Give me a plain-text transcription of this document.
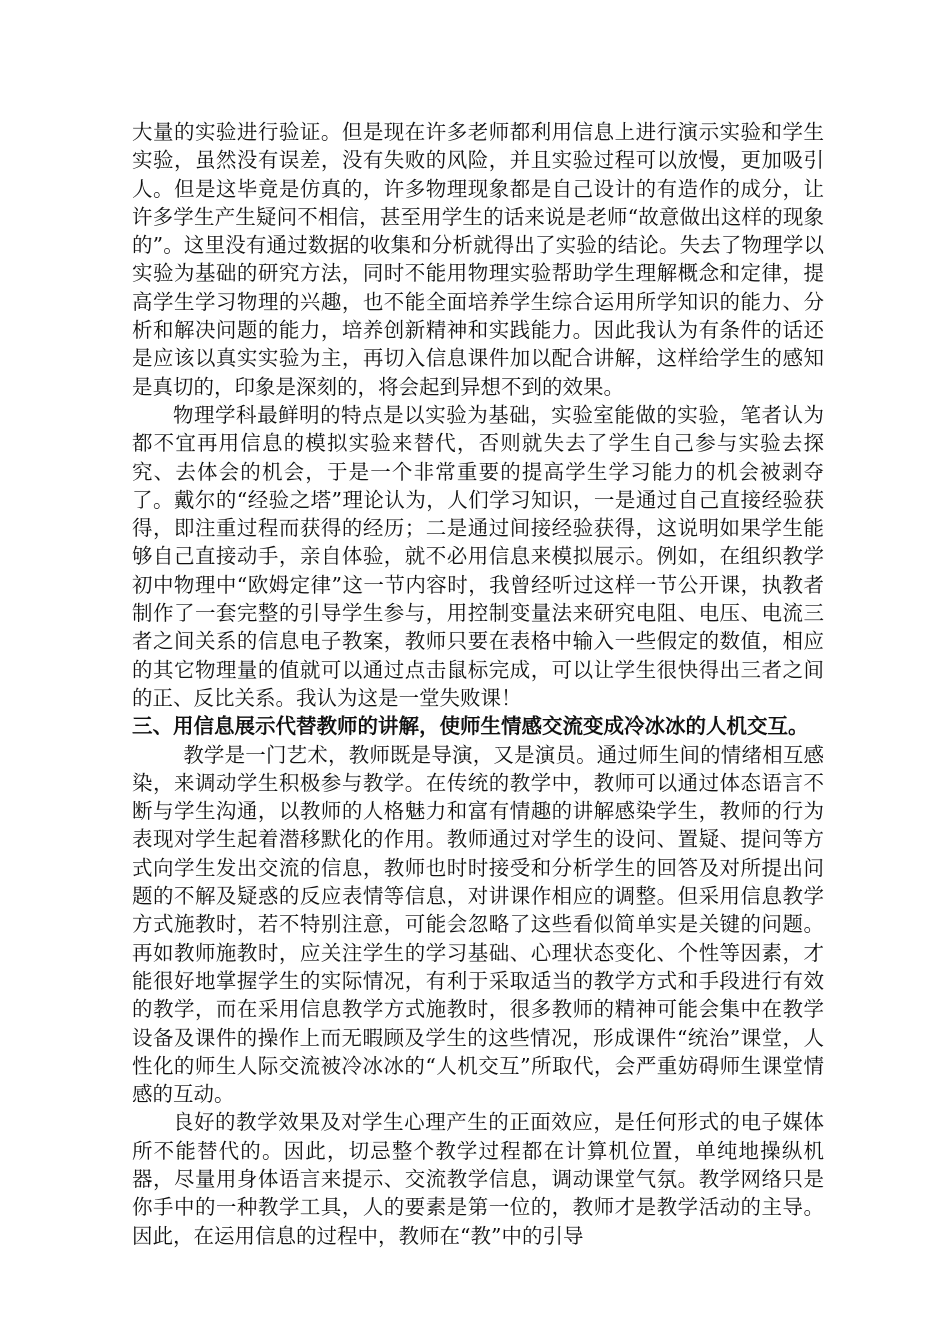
大量的实验进行验证。但是现在许多老师都利用信息上进行演示实验和学生实验，虽然没有误差，没有失败的风险，并且实验过程可以放慢，更加吸引人。但是这毕竟是仿真的，许多物理现象都是自己设计的有造作的成分，让许多学生产生疑问不相信，甚至用学生的话来说是老师“故意做出这样的现象的”。这里没有通过数据的收集和分析就得出了实验的结论。失去了物理学以实验为基础的研究方法，同时不能用物理实验帮助学生理解概念和定律，提高学生学习物理的兴趣，也不能全面培养学生综合运用所学知识的能力、分析和解决问题的能力，培养创新精神和实践能力。因此我认为有条件的话还是应该以真实实验为主，再切入信息课件加以配合讲解，这样给学生的感知是真切的，印象是深刻的，将会起到异想不到的效果。

物理学科最鲜明的特点是以实验为基础，实验室能做的实验，笔者认为都不宜再用信息的模拟实验来替代，否则就失去了学生自己参与实验去探究、去体会的机会，于是一个非常重要的提高学生学习能力的机会被剥夺了。戴尔的“经验之塔”理论认为，人们学习知识，一是通过自己直接经验获得，即注重过程而获得的经历；二是通过间接经验获得，这说明如果学生能够自己直接动手，亲自体验，就不必用信息来模拟展示。例如，在组织教学初中物理中“欧姆定律”这一节内容时，我曾经听过这样一节公开课，执教者制作了一套完整的引导学生参与，用控制变量法来研究电阻、电压、电流三者之间关系的信息电子教案，教师只要在表格中输入一些假定的数值，相应的其它物理量的值就可以通过点击鼠标完成，可以让学生很快得出三者之间的正、反比关系。我认为这是一堂失败课！

三、用信息展示代替教师的讲解，使师生情感交流变成冷冰冰的人机交互。

教学是一门艺术，教师既是导演，又是演员。通过师生间的情绪相互感染，来调动学生积极参与教学。在传统的教学中，教师可以通过体态语言不断与学生沟通，以教师的人格魅力和富有情趣的讲解感染学生，教师的行为表现对学生起着潜移默化的作用。教师通过对学生的设问、置疑、提问等方式向学生发出交流的信息，教师也时时接受和分析学生的回答及对所提出问题的不解及疑惑的反应表情等信息，对讲课作相应的调整。但采用信息教学方式施教时，若不特别注意，可能会忽略了这些看似简单实是关键的问题。再如教师施教时，应关注学生的学习基础、心理状态变化、个性等因素，才能很好地掌握学生的实际情况，有利于采取适当的教学方式和手段进行有效的教学，而在采用信息教学方式施教时，很多教师的精神可能会集中在教学设备及课件的操作上而无暇顾及学生的这些情况，形成课件“统治”课堂，人性化的师生人际交流被冷冰冰的“人机交互”所取代，会严重妨碍师生课堂情感的互动。

良好的教学效果及对学生心理产生的正面效应，是任何形式的电子媒体所不能替代的。因此，切忌整个教学过程都在计算机位置，单纯地操纵机器，尽量用身体语言来提示、交流教学信息，调动课堂气氛。教学网络只是你手中的一种教学工具，人的要素是第一位的，教师才是教学活动的主导。因此，在运用信息的过程中，教师在“教”中的引导
